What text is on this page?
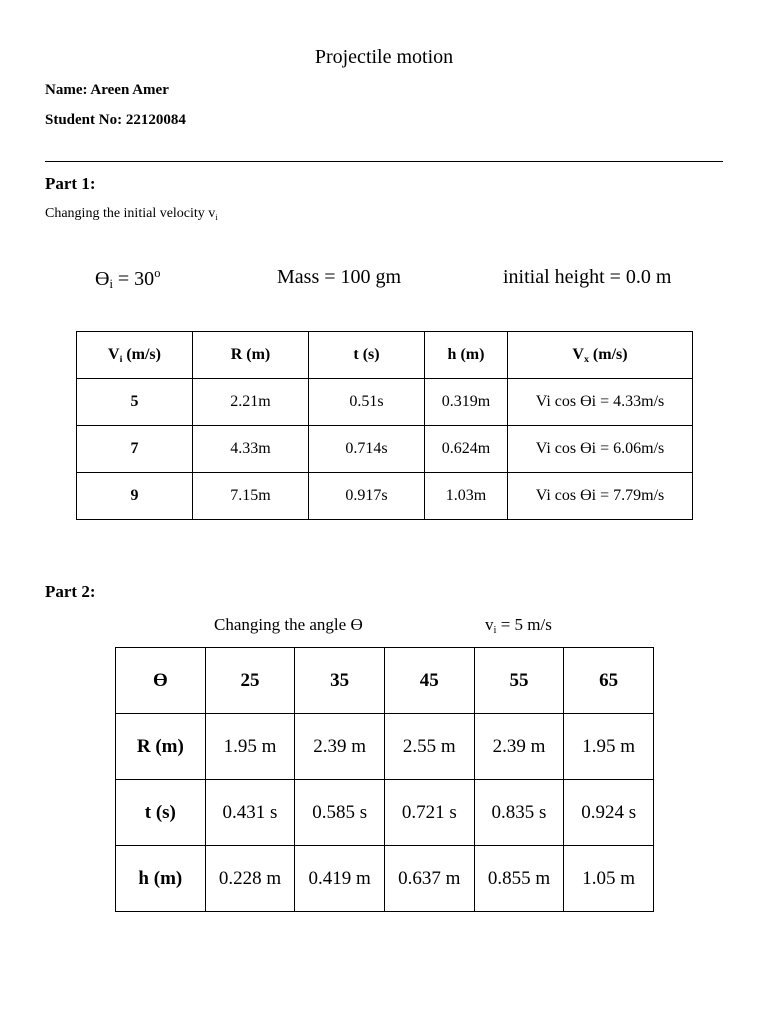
Projectile motion
Name: Areen Amer
Student No: 22120084
Part 1:
Changing the initial velocity $v_i$
$Ɵ_i = 30^o$	Mass = 100 gm	initial height = 0.0 m
$V_i$ (m/s)	R (m)	t (s)	h (m)	$V_x$ (m/s)
5	2.21m	0.51s	0.319m	Vi cos Ɵi = 4.33m/s
7	4.33m	0.714s	0.624m	Vi cos Ɵi = 6.06m/s
9	7.15m	0.917s	1.03m	Vi cos Ɵi = 7.79m/s
Part 2:
Changing the angle Ɵ	$v_i = 5$ m/s
Ɵ	25	35	45	55	65
R (m)	1.95 m	2.39 m	2.55 m	2.39 m	1.95 m
t (s)	0.431 s	0.585 s	0.721 s	0.835 s	0.924 s
h (m)	0.228 m	0.419 m	0.637 m	0.855 m	1.05 m
